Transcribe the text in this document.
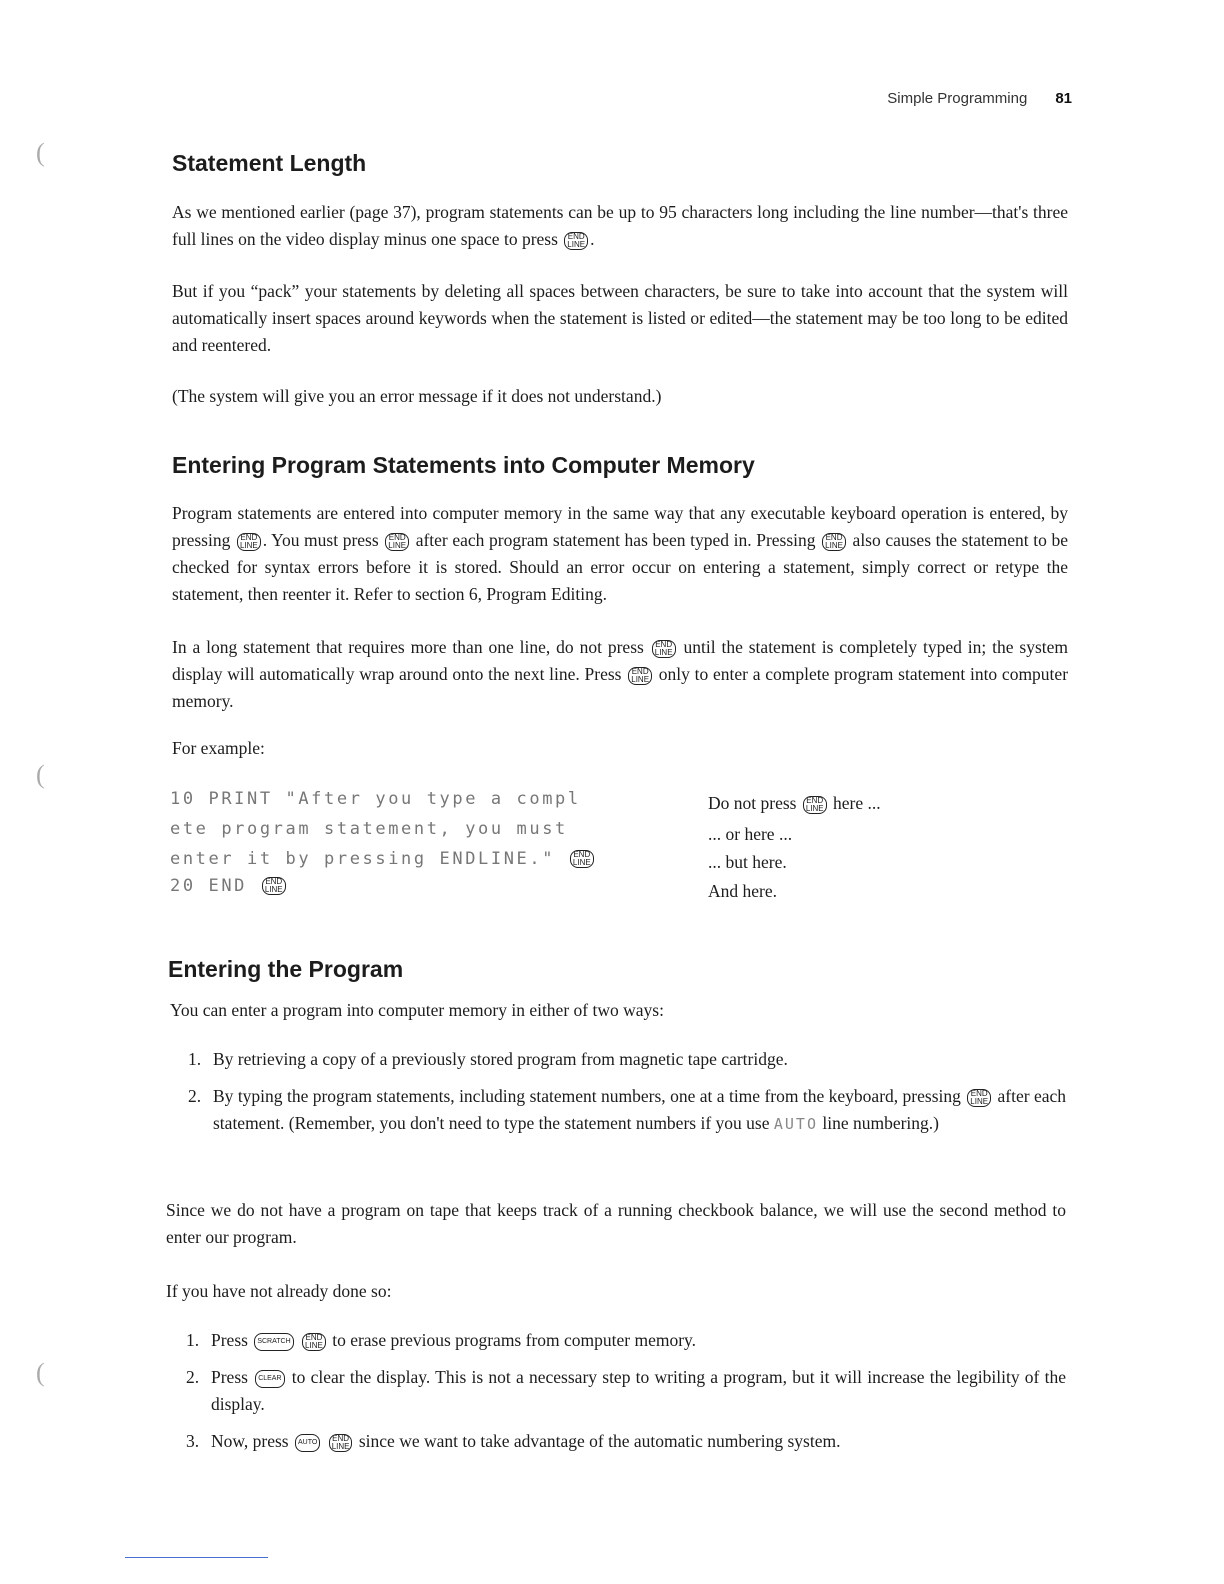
(
(
(
Simple Programming 81
Statement Length

As we mentioned earlier (page 37), program statements can be up to 95 characters long including the line number—that's three full lines on the video display minus one space to press END
LINE .

But if you “pack” your statements by deleting all spaces between characters, be sure to take into account that the system will automatically insert spaces around keywords when the statement is listed or edited—the statement may be too long to be edited and reentered.

(The system will give you an error message if it does not understand.)

Entering Program Statements into Computer Memory

Program statements are entered into computer memory in the same way that any executable keyboard operation is entered, by pressing END
LINE . You must press END
LINE after each program statement has been typed in. Pressing END
LINE also causes the statement to be checked for syntax errors before it is stored. Should an error occur on entering a statement, simply correct or retype the statement, then reenter it. Refer to section 6, Program Editing.

In a long statement that requires more than one line, do not press END
LINE until the statement is completely typed in; the system display will automatically wrap around onto the next line. Press END
LINE only to enter a complete program statement into computer memory.

For example:

10 PRINT "After you type a compl
ete program statement, you must
enter it by pressing ENDLINE." END
LINE
20 END END
LINE
Do not press END
LINE here ...
... or here ...
... but here.
And here.
Entering the Program

You can enter a program into computer memory in either of two ways:

1. By retrieving a copy of a previously stored program from magnetic tape cartridge.
2. By typing the program statements, including statement numbers, one at a time from the keyboard, pressing END
LINE after each statement. (Remember, you don't need to type the statement numbers if you use AUTO line numbering.)

Since we do not have a program on tape that keeps track of a running checkbook balance, we will use the second method to enter our program.

If you have not already done so:

1. Press SCRATCH END
LINE to erase previous programs from computer memory.
2. Press CLEAR to clear the display. This is not a necessary step to writing a program, but it will increase the legibility of the display.
3. Now, press AUTO END
LINE since we want to take advantage of the automatic numbering system.
